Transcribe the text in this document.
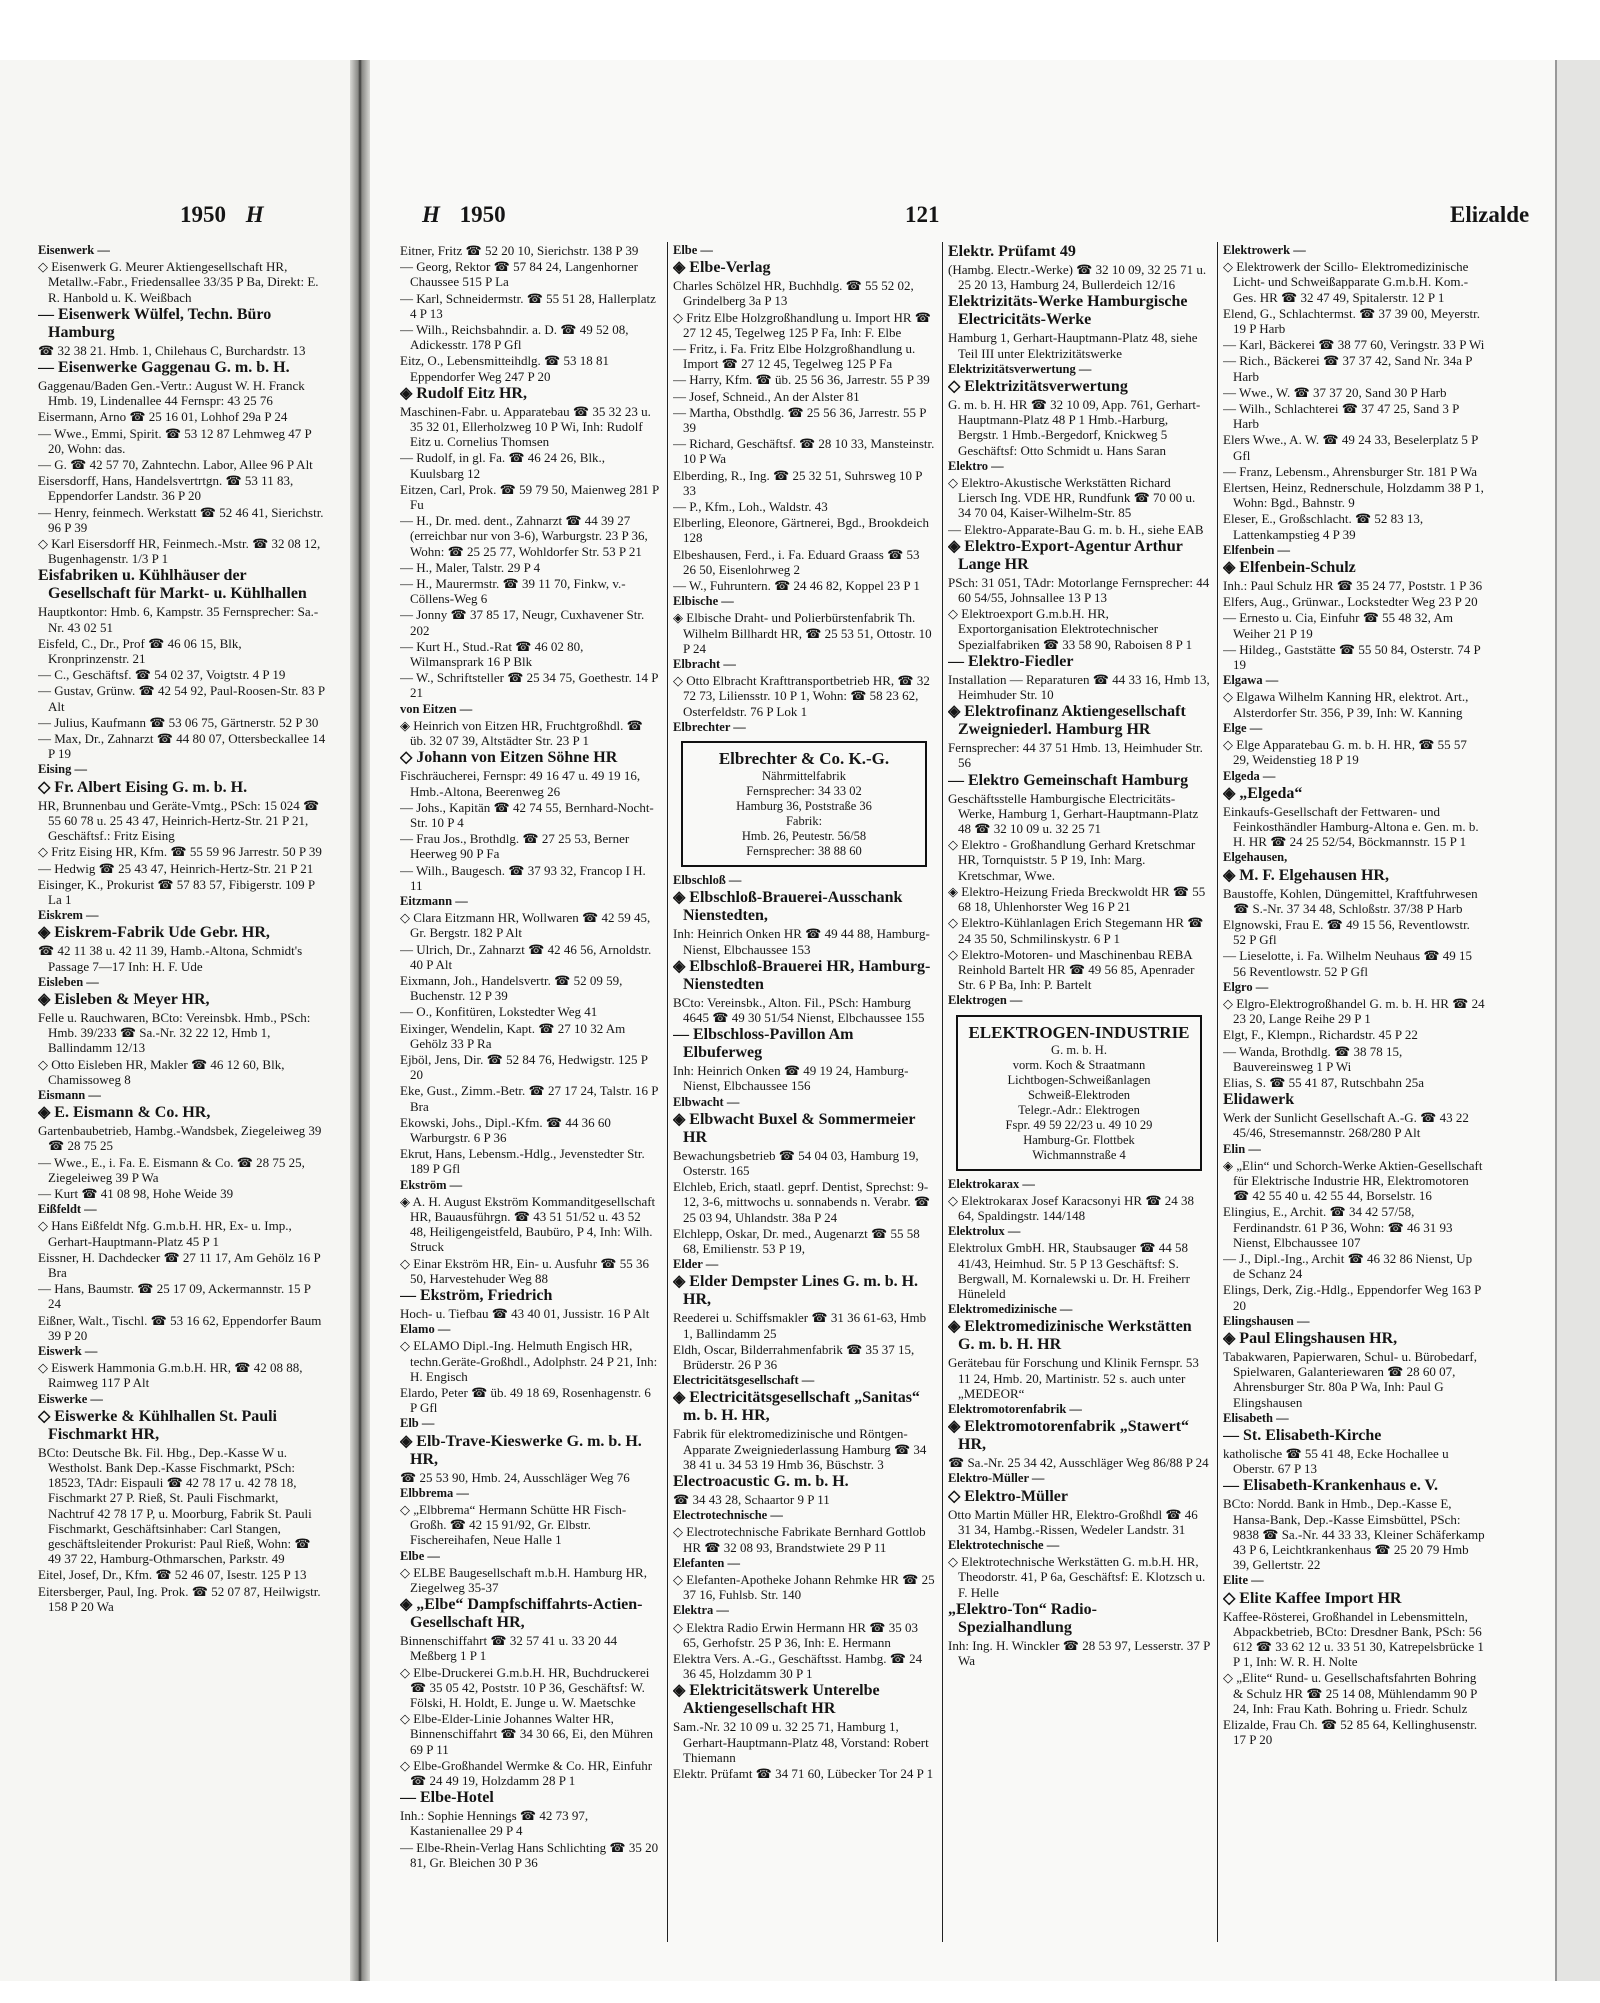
1950 H

Eisenwerk —

◇ Eisenwerk G. Meurer Aktiengesellschaft HR, Metallw.-Fabr., Friedensallee 33/35 P Ba, Direkt: E. R. Hanbold u. K. Weißbach

— Eisenwerk Wülfel, Techn. Büro Hamburg

☎ 32 38 21. Hmb. 1, Chilehaus C, Burchardstr. 13

— Eisenwerke Gaggenau G. m. b. H.

Gaggenau/Baden Gen.-Vertr.: August W. H. Franck Hmb. 19, Lindenallee 44 Fernspr: 43 25 76

Eisermann, Arno ☎ 25 16 01, Lohhof 29a P 24

— Wwe., Emmi, Spirit. ☎ 53 12 87 Lehmweg 47 P 20, Wohn: das.

— G. ☎ 42 57 70, Zahntechn. Labor, Allee 96 P Alt

Eisersdorff, Hans, Handelsvertrtgn. ☎ 53 11 83, Eppendorfer Landstr. 36 P 20

— Henry, feinmech. Werkstatt ☎ 52 46 41, Sierichstr. 96 P 39

◇ Karl Eisersdorff HR, Feinmech.-Mstr. ☎ 32 08 12, Bugenhagenstr. 1/3 P 1

Eisfabriken u. Kühlhäuser der Gesellschaft für Markt- u. Kühlhallen

Hauptkontor: Hmb. 6, Kampstr. 35 Fernsprecher: Sa.-Nr. 43 02 51

Eisfeld, C., Dr., Prof ☎ 46 06 15, Blk, Kronprinzenstr. 21

— C., Geschäftsf. ☎ 54 02 37, Voigtstr. 4 P 19

— Gustav, Grünw. ☎ 42 54 92, Paul-Roosen-Str. 83 P Alt

— Julius, Kaufmann ☎ 53 06 75, Gärtnerstr. 52 P 30

— Max, Dr., Zahnarzt ☎ 44 80 07, Ottersbeckallee 14 P 19

Eising —

◇ Fr. Albert Eising G. m. b. H.

HR, Brunnenbau und Geräte-Vmtg., PSch: 15 024 ☎ 55 60 78 u. 25 43 47, Heinrich-Hertz-Str. 21 P 21, Geschäftsf.: Fritz Eising

◇ Fritz Eising HR, Kfm. ☎ 55 59 96 Jarrestr. 50 P 39

— Hedwig ☎ 25 43 47, Heinrich-Hertz-Str. 21 P 21

Eisinger, K., Prokurist ☎ 57 83 57, Fibigerstr. 109 P La 1

Eiskrem —

◈ Eiskrem-Fabrik Ude Gebr. HR,

☎ 42 11 38 u. 42 11 39, Hamb.-Altona, Schmidt's Passage 7—17 Inh: H. F. Ude

Eisleben —

◈ Eisleben & Meyer HR,

Felle u. Rauchwaren, BCto: Vereinsbk. Hmb., PSch: Hmb. 39/233 ☎ Sa.-Nr. 32 22 12, Hmb 1, Ballindamm 12/13

◇ Otto Eisleben HR, Makler ☎ 46 12 60, Blk, Chamissoweg 8

Eismann —

◈ E. Eismann & Co. HR,

Gartenbaubetrieb, Hambg.-Wandsbek, Ziegeleiweg 39 ☎ 28 75 25

— Wwe., E., i. Fa. E. Eismann & Co. ☎ 28 75 25, Ziegeleiweg 39 P Wa

— Kurt ☎ 41 08 98, Hohe Weide 39

Eißfeldt —

◇ Hans Eißfeldt Nfg. G.m.b.H. HR, Ex- u. Imp., Gerhart-Hauptmann-Platz 45 P 1

Eissner, H. Dachdecker ☎ 27 11 17, Am Gehölz 16 P Bra

— Hans, Baumstr. ☎ 25 17 09, Ackermannstr. 15 P 24

Eißner, Walt., Tischl. ☎ 53 16 62, Eppendorfer Baum 39 P 20

Eiswerk —

◇ Eiswerk Hammonia G.m.b.H. HR, ☎ 42 08 88, Raimweg 117 P Alt

Eiswerke —

◇ Eiswerke & Kühlhallen St. Pauli Fischmarkt HR,

BCto: Deutsche Bk. Fil. Hbg., Dep.-Kasse W u. Westholst. Bank Dep.-Kasse Fischmarkt, PSch: 18523, TAdr: Eispauli ☎ 42 78 17 u. 42 78 18, Fischmarkt 27 P. Rieß, St. Pauli Fischmarkt, Nachtruf 42 78 17 P, u. Moorburg, Fabrik St. Pauli Fischmarkt, Geschäftsinhaber: Carl Stangen, geschäftsleitender Prokurist: Paul Rieß, Wohn: ☎ 49 37 22, Hamburg-Othmarschen, Parkstr. 49

Eitel, Josef, Dr., Kfm. ☎ 52 46 07, Isestr. 125 P 13

Eitersberger, Paul, Ing. Prok. ☎ 52 07 87, Heilwigstr. 158 P 20 Wa

H 1950	121	Elizalde

Eitner, Fritz ☎ 52 20 10, Sierichstr. 138 P 39

— Georg, Rektor ☎ 57 84 24, Langenhorner Chaussee 515 P La

— Karl, Schneidermstr. ☎ 55 51 28, Hallerplatz 4 P 13

— Wilh., Reichsbahndir. a. D. ☎ 49 52 08, Adickesstr. 178 P Gfl

Eitz, O., Lebensmitteihdlg. ☎ 53 18 81 Eppendorfer Weg 247 P 20

◈ Rudolf Eitz HR,

Maschinen-Fabr. u. Apparatebau ☎ 35 32 23 u. 35 32 01, Ellerholzweg 10 P Wi, Inh: Rudolf Eitz u. Cornelius Thomsen

— Rudolf, in gl. Fa. ☎ 46 24 26, Blk., Kuulsbarg 12

Eitzen, Carl, Prok. ☎ 59 79 50, Maienweg 281 P Fu

— H., Dr. med. dent., Zahnarzt ☎ 44 39 27 (erreichbar nur von 3-6), Warburgstr. 23 P 36, Wohn: ☎ 25 25 77, Wohldorfer Str. 53 P 21

— H., Maler, Talstr. 29 P 4

— H., Maurermstr. ☎ 39 11 70, Finkw, v.-Cöllens-Weg 6

— Jonny ☎ 37 85 17, Neugr, Cuxhavener Str. 202

— Kurt H., Stud.-Rat ☎ 46 02 80, Wilmansprark 16 P Blk

— W., Schriftsteller ☎ 25 34 75, Goethestr. 14 P 21

von Eitzen —

◈ Heinrich von Eitzen HR, Fruchtgroßhdl. ☎ üb. 32 07 39, Altstädter Str. 23 P 1

◇ Johann von Eitzen Söhne HR

Fischräucherei, Fernspr: 49 16 47 u. 49 19 16, Hmb.-Altona, Beerenweg 26

— Johs., Kapitän ☎ 42 74 55, Bernhard-Nocht-Str. 10 P 4

— Frau Jos., Brothdlg. ☎ 27 25 53, Berner Heerweg 90 P Fa

— Wilh., Baugesch. ☎ 37 93 32, Francop I H. 11

Eitzmann —

◇ Clara Eitzmann HR, Wollwaren ☎ 42 59 45, Gr. Bergstr. 182 P Alt

— Ulrich, Dr., Zahnarzt ☎ 42 46 56, Arnoldstr. 40 P Alt

Eixmann, Joh., Handelsvertr. ☎ 52 09 59, Buchenstr. 12 P 39

— O., Konfitüren, Lokstedter Weg 41

Eixinger, Wendelin, Kapt. ☎ 27 10 32 Am Gehölz 33 P Ra

Ejböl, Jens, Dir. ☎ 52 84 76, Hedwigstr. 125 P 20

Eke, Gust., Zimm.-Betr. ☎ 27 17 24, Talstr. 16 P Bra

Ekowski, Johs., Dipl.-Kfm. ☎ 44 36 60 Warburgstr. 6 P 36

Ekrut, Hans, Lebensm.-Hdlg., Jevenstedter Str. 189 P Gfl

Ekström —

◈ A. H. August Ekström Kommanditgesellschaft HR, Bauausführgn. ☎ 43 51 51/52 u. 43 52 48, Heiligengeistfeld, Baubüro, P 4, Inh: Wilh. Struck

◇ Einar Ekström HR, Ein- u. Ausfuhr ☎ 55 36 50, Harvestehuder Weg 88

— Ekström, Friedrich

Hoch- u. Tiefbau ☎ 43 40 01, Jussistr. 16 P Alt

Elamo —

◇ ELAMO Dipl.-Ing. Helmuth Engisch HR, techn.Geräte-Großhdl., Adolphstr. 24 P 21, Inh: H. Engisch

Elardo, Peter ☎ üb. 49 18 69, Rosenhagenstr. 6 P Gfl

Elb —

◈ Elb-Trave-Kieswerke G. m. b. H. HR,

☎ 25 53 90, Hmb. 24, Ausschläger Weg 76

Elbbrema —

◇ „Elbbrema“ Hermann Schütte HR Fisch-Großh. ☎ 42 15 91/92, Gr. Elbstr. Fischereihafen, Neue Halle 1

Elbe —

◇ ELBE Baugesellschaft m.b.H. Hamburg HR, Ziegelweg 35-37

◈ „Elbe“ Dampfschiffahrts-Actien-Gesellschaft HR,

Binnenschiffahrt ☎ 32 57 41 u. 33 20 44 Meßberg 1 P 1

◇ Elbe-Druckerei G.m.b.H. HR, Buchdruckerei ☎ 35 05 42, Poststr. 10 P 36, Geschäftsf: W. Fölski, H. Holdt, E. Junge u. W. Maetschke

◇ Elbe-Elder-Linie Johannes Walter HR, Binnenschiffahrt ☎ 34 30 66, Ei, den Mühren 69 P 11

◇ Elbe-Großhandel Wermke & Co. HR, Einfuhr ☎ 24 49 19, Holzdamm 28 P 1

— Elbe-Hotel

Inh.: Sophie Hennings ☎ 42 73 97, Kastanienallee 29 P 4

— Elbe-Rhein-Verlag Hans Schlichting ☎ 35 20 81, Gr. Bleichen 30 P 36

Elbe —

◈ Elbe-Verlag

Charles Schölzel HR, Buchhdlg. ☎ 55 52 02, Grindelberg 3a P 13

◇ Fritz Elbe Holzgroßhandlung u. Import HR ☎ 27 12 45, Tegelweg 125 P Fa, Inh: F. Elbe

— Fritz, i. Fa. Fritz Elbe Holzgroßhandlung u. Import ☎ 27 12 45, Tegelweg 125 P Fa

— Harry, Kfm. ☎ üb. 25 56 36, Jarrestr. 55 P 39

— Josef, Schneid., An der Alster 81

— Martha, Obsthdlg. ☎ 25 56 36, Jarrestr. 55 P 39

— Richard, Geschäftsf. ☎ 28 10 33, Mansteinstr. 10 P Wa

Elberding, R., Ing. ☎ 25 32 51, Suhrsweg 10 P 33

— P., Kfm., Loh., Waldstr. 43

Elberling, Eleonore, Gärtnerei, Bgd., Brookdeich 128

Elbeshausen, Ferd., i. Fa. Eduard Graass ☎ 53 26 50, Eisenlohrweg 2

— W., Fuhruntern. ☎ 24 46 82, Koppel 23 P 1

Elbische —

◈ Elbische Draht- und Polierbürstenfabrik Th. Wilhelm Billhardt HR, ☎ 25 53 51, Ottostr. 10 P 24

Elbracht —

◇ Otto Elbracht Krafttransportbetrieb HR, ☎ 32 72 73, Liliensstr. 10 P 1, Wohn: ☎ 58 23 62, Osterfeldstr. 76 P Lok 1

Elbrechter —

Elbrechter & Co. K.-G.
Nährmittelfabrik
Fernsprecher: 34 33 02
Hamburg 36, Poststraße 36
Fabrik:
Hmb. 26, Peutestr. 56/58
Fernsprecher: 38 88 60

Elbschloß —

◈ Elbschloß-Brauerei-Ausschank Nienstedten,

Inh: Heinrich Onken HR ☎ 49 44 88, Hamburg-Nienst, Elbchaussee 153

◈ Elbschloß-Brauerei HR, Hamburg-Nienstedten

BCto: Vereinsbk., Alton. Fil., PSch: Hamburg 4645 ☎ 49 30 51/54 Nienst, Elbchaussee 155

— Elbschloss-Pavillon Am Elbuferweg

Inh: Heinrich Onken ☎ 49 19 24, Hamburg-Nienst, Elbchaussee 156

Elbwacht —

◈ Elbwacht Buxel & Sommermeier HR

Bewachungsbetrieb ☎ 54 04 03, Hamburg 19, Osterstr. 165

Elchleb, Erich, staatl. geprf. Dentist, Sprechst: 9-12, 3-6, mittwochs u. sonnabends n. Verabr. ☎ 25 03 94, Uhlandstr. 38a P 24

Elchlepp, Oskar, Dr. med., Augenarzt ☎ 55 58 68, Emilienstr. 53 P 19,

Elder —

◈ Elder Dempster Lines G. m. b. H. HR,

Reederei u. Schiffsmakler ☎ 31 36 61-63, Hmb 1, Ballindamm 25

Eldh, Oscar, Bilderrahmenfabrik ☎ 35 37 15, Brüderstr. 26 P 36

Electricitätsgesellschaft —

◈ Electricitätsgesellschaft „Sanitas“ m. b. H. HR,

Fabrik für elektromedizinische und Röntgen-Apparate Zweigniederlassung Hamburg ☎ 34 38 41 u. 34 53 19 Hmb 36, Büschstr. 3

Electroacustic G. m. b. H.

☎ 34 43 28, Schaartor 9 P 11

Electrotechnische —

◇ Electrotechnische Fabrikate Bernhard Gottlob HR ☎ 32 08 93, Brandstwiete 29 P 11

Elefanten —

◇ Elefanten-Apotheke Johann Rehmke HR ☎ 25 37 16, Fuhlsb. Str. 140

Elektra —

◇ Elektra Radio Erwin Hermann HR ☎ 35 03 65, Gerhofstr. 25 P 36, Inh: E. Hermann

Elektra Vers. A.-G., Geschäftsst. Hambg. ☎ 24 36 45, Holzdamm 30 P 1

◈ Elektricitätswerk Unterelbe Aktiengesellschaft HR

Sam.-Nr. 32 10 09 u. 32 25 71, Hamburg 1, Gerhart-Hauptmann-Platz 48, Vorstand: Robert Thiemann

Elektr. Prüfamt ☎ 34 71 60, Lübecker Tor 24 P 1

Elektr. Prüfamt 49

(Hambg. Electr.-Werke) ☎ 32 10 09, 32 25 71 u. 25 20 13, Hamburg 24, Bullerdeich 12/16

Elektrizitäts-Werke Hamburgische Electricitäts-Werke

Hamburg 1, Gerhart-Hauptmann-Platz 48, siehe Teil III unter Elektrizitätswerke

Elektrizitätsverwertung —

◇ Elektrizitätsverwertung

G. m. b. H. HR ☎ 32 10 09, App. 761, Gerhart-Hauptmann-Platz 48 P 1 Hmb.-Harburg, Bergstr. 1 Hmb.-Bergedorf, Knickweg 5 Geschäftsf: Otto Schmidt u. Hans Saran

Elektro —

◇ Elektro-Akustische Werkstätten Richard Liersch Ing. VDE HR, Rundfunk ☎ 70 00 u. 34 70 04, Kaiser-Wilhelm-Str. 85

— Elektro-Apparate-Bau G. m. b. H., siehe EAB

◈ Elektro-Export-Agentur Arthur Lange HR

PSch: 31 051, TAdr: Motorlange Fernsprecher: 44 60 54/55, Johnsallee 13 P 13

◇ Elektroexport G.m.b.H. HR, Exportorganisation Elektrotechnischer Spezialfabriken ☎ 33 58 90, Raboisen 8 P 1

— Elektro-Fiedler

Installation — Reparaturen ☎ 44 33 16, Hmb 13, Heimhuder Str. 10

◈ Elektrofinanz Aktiengesellschaft Zweigniederl. Hamburg HR

Fernsprecher: 44 37 51 Hmb. 13, Heimhuder Str. 56

— Elektro Gemeinschaft Hamburg

Geschäftsstelle Hamburgische Electricitäts-Werke, Hamburg 1, Gerhart-Hauptmann-Platz 48 ☎ 32 10 09 u. 32 25 71

◇ Elektro - Großhandlung Gerhard Kretschmar HR, Tornquiststr. 5 P 19, Inh: Marg. Kretschmar, Wwe.

◈ Elektro-Heizung Frieda Breckwoldt HR ☎ 55 68 18, Uhlenhorster Weg 16 P 21

◇ Elektro-Kühlanlagen Erich Stegemann HR ☎ 24 35 50, Schmilinskystr. 6 P 1

◇ Elektro-Motoren- und Maschinenbau REBA Reinhold Bartelt HR ☎ 49 56 85, Apenrader Str. 6 P Ba, Inh: P. Bartelt

Elektrogen —

ELEKTROGEN-INDUSTRIE
G. m. b. H.
vorm. Koch & Straatmann
Lichtbogen-Schweißanlagen
Schweiß-Elektroden
Telegr.-Adr.: Elektrogen
Fspr. 49 59 22/23 u. 49 10 29
Hamburg-Gr. Flottbek
Wichmannstraße 4

Elektrokarax —

◇ Elektrokarax Josef Karacsonyi HR ☎ 24 38 64, Spaldingstr. 144/148

Elektrolux —

Elektrolux GmbH. HR, Staubsauger ☎ 44 58 41/43, Heimhud. Str. 5 P 13 Geschäftsf: S. Bergwall, M. Kornalewski u. Dr. H. Freiherr Hüneleld

Elektromedizinische —

◈ Elektromedizinische Werkstätten G. m. b. H. HR

Gerätebau für Forschung und Klinik Fernspr. 53 11 24, Hmb. 20, Martinistr. 52 s. auch unter „MEDEOR“

Elektromotorenfabrik —

◈ Elektromotorenfabrik „Stawert“ HR,

☎ Sa.-Nr. 25 34 42, Ausschläger Weg 86/88 P 24

Elektro-Müller —

◇ Elektro-Müller

Otto Martin Müller HR, Elektro-Großhdl ☎ 46 31 34, Hambg.-Rissen, Wedeler Landstr. 31

Elektrotechnische —

◇ Elektrotechnische Werkstätten G. m.b.H. HR, Theodorstr. 41, P 6a, Geschäftsf: E. Klotzsch u. F. Helle

„Elektro-Ton“ Radio-Spezialhandlung

Inh: Ing. H. Winckler ☎ 28 53 97, Lesserstr. 37 P Wa

Elektrowerk —

◇ Elektrowerk der Scillo- Elektromedizinische Licht- und Schweißapparate G.m.b.H. Kom.-Ges. HR ☎ 32 47 49, Spitalerstr. 12 P 1

Elend, G., Schlachtermst. ☎ 37 39 00, Meyerstr. 19 P Harb

— Karl, Bäckerei ☎ 38 77 60, Veringstr. 33 P Wi

— Rich., Bäckerei ☎ 37 37 42, Sand Nr. 34a P Harb

— Wwe., W. ☎ 37 37 20, Sand 30 P Harb

— Wilh., Schlachterei ☎ 37 47 25, Sand 3 P Harb

Elers Wwe., A. W. ☎ 49 24 33, Beselerplatz 5 P Gfl

— Franz, Lebensm., Ahrensburger Str. 181 P Wa

Elertsen, Heinz, Rednerschule, Holzdamm 38 P 1, Wohn: Bgd., Bahnstr. 9

Eleser, E., Großschlacht. ☎ 52 83 13, Lattenkampstieg 4 P 39

Elfenbein —

◈ Elfenbein-Schulz

Inh.: Paul Schulz HR ☎ 35 24 77, Poststr. 1 P 36

Elfers, Aug., Grünwar., Lockstedter Weg 23 P 20

— Ernesto u. Cia, Einfuhr ☎ 55 48 32, Am Weiher 21 P 19

— Hildeg., Gaststätte ☎ 55 50 84, Osterstr. 74 P 19

Elgawa —

◇ Elgawa Wilhelm Kanning HR, elektrot. Art., Alsterdorfer Str. 356, P 39, Inh: W. Kanning

Elge —

◇ Elge Apparatebau G. m. b. H. HR, ☎ 55 57 29, Weidenstieg 18 P 19

Elgeda —

◈ „Elgeda“

Einkaufs-Gesellschaft der Fettwaren- und Feinkosthändler Hamburg-Altona e. Gen. m. b. H. HR ☎ 24 25 52/54, Böckmannstr. 15 P 1

Elgehausen,

◈ M. F. Elgehausen HR,

Baustoffe, Kohlen, Düngemittel, Kraftfuhrwesen ☎ S.-Nr. 37 34 48, Schloßstr. 37/38 P Harb

Elgnowski, Frau E. ☎ 49 15 56, Reventlowstr. 52 P Gfl

— Lieselotte, i. Fa. Wilhelm Neuhaus ☎ 49 15 56 Reventlowstr. 52 P Gfl

Elgro —

◇ Elgro-Elektrogroßhandel G. m. b. H. HR ☎ 24 23 20, Lange Reihe 29 P 1

Elgt, F., Klempn., Richardstr. 45 P 22

— Wanda, Brothdlg. ☎ 38 78 15, Bauvereinsweg 1 P Wi

Elias, S. ☎ 55 41 87, Rutschbahn 25a

Elidawerk

Werk der Sunlicht Gesellschaft A.-G. ☎ 43 22 45/46, Stresemannstr. 268/280 P Alt

Elin —

◈ „Elin“ und Schorch-Werke Aktien-Gesellschaft für Elektrische Industrie HR, Elektromotoren ☎ 42 55 40 u. 42 55 44, Borselstr. 16

Elingius, E., Archit. ☎ 34 42 57/58, Ferdinandstr. 61 P 36, Wohn: ☎ 46 31 93 Nienst, Elbchaussee 107

— J., Dipl.-Ing., Archit ☎ 46 32 86 Nienst, Up de Schanz 24

Elings, Derk, Zig.-Hdlg., Eppendorfer Weg 163 P 20

Elingshausen —

◈ Paul Elingshausen HR,

Tabakwaren, Papierwaren, Schul- u. Bürobedarf, Spielwaren, Galanteriewaren ☎ 28 60 07, Ahrensburger Str. 80a P Wa, Inh: Paul G Elingshausen

Elisabeth —

— St. Elisabeth-Kirche

katholische ☎ 55 41 48, Ecke Hochallee u Oberstr. 67 P 13

— Elisabeth-Krankenhaus e. V.

BCto: Nordd. Bank in Hmb., Dep.-Kasse E, Hansa-Bank, Dep.-Kasse Eimsbüttel, PSch: 9838 ☎ Sa.-Nr. 44 33 33, Kleiner Schäferkamp 43 P 6, Leichtkrankenhaus ☎ 25 20 79 Hmb 39, Gellertstr. 22

Elite —

◇ Elite Kaffee Import HR

Kaffee-Rösterei, Großhandel in Lebensmitteln, Abpackbetrieb, BCto: Dresdner Bank, PSch: 56 612 ☎ 33 62 12 u. 33 51 30, Katrepelsbrücke 1 P 1, Inh: W. R. H. Nolte

◇ „Elite“ Rund- u. Gesellschaftsfahrten Bohring & Schulz HR ☎ 25 14 08, Mühlendamm 90 P 24, Inh: Frau Kath. Bohring u. Friedr. Schulz

Elizalde, Frau Ch. ☎ 52 85 64, Kellinghusenstr. 17 P 20
